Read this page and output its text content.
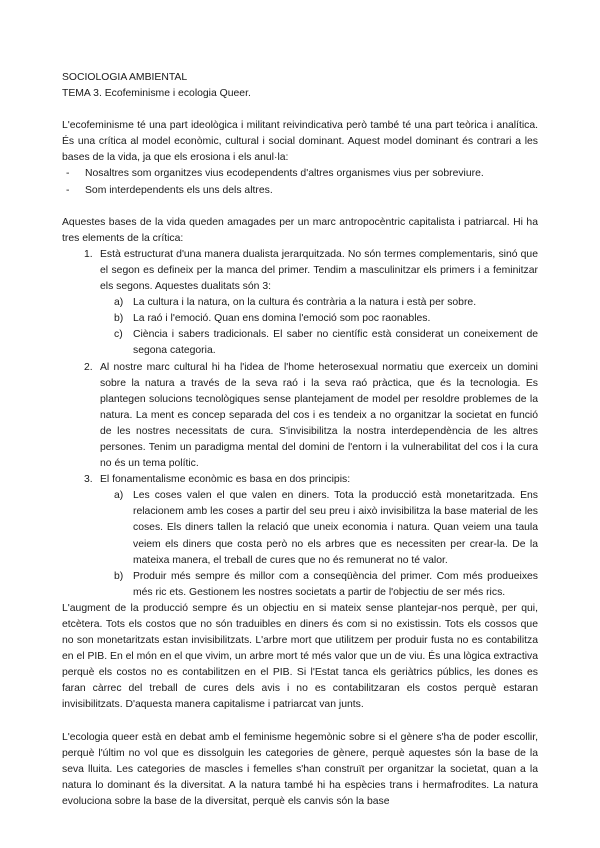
SOCIOLOGIA AMBIENTAL

TEMA 3. Ecofeminisme i ecologia Queer.

L'ecofeminisme té una part ideològica i militant reivindicativa però també té una part teòrica i analítica. És una crítica al model econòmic, cultural i social dominant. Aquest model dominant és contrari a les bases de la vida, ja que els erosiona i els anul·la:

- Nosaltres som organitzes vius ecodependents d'altres organismes vius per sobreviure.
- Som interdependents els uns dels altres.

Aquestes bases de la vida queden amagades per un marc antropocèntric capitalista i patriarcal. Hi ha tres elements de la crítica:

1. Està estructurat d'una manera dualista jerarquitzada. No són termes complementaris, sinó que el segon es defineix per la manca del primer. Tendim a masculinitzar els primers i a feminitzar els segons. Aquestes dualitats són 3:
a) La cultura i la natura, on la cultura és contrària a la natura i està per sobre.
b) La raó i l'emoció. Quan ens domina l'emoció som poc raonables.
c) Ciència i sabers tradicionals. El saber no científic està considerat un coneixement de segona categoria.
2. Al nostre marc cultural hi ha l'idea de l'home heterosexual normatiu que exerceix un domini sobre la natura a través de la seva raó i la seva raó pràctica, que és la tecnologia. Es plantegen solucions tecnològiques sense plantejament de model per resoldre problemes de la natura. La ment es concep separada del cos i es tendeix a no organitzar la societat en funció de les nostres necessitats de cura. S'invisibilitza la nostra interdependència de les altres persones. Tenim un paradigma mental del domini de l'entorn i la vulnerabilitat del cos i la cura no és un tema polític.
3. El fonamentalisme econòmic es basa en dos principis:
a) Les coses valen el que valen en diners. Tota la producció està monetaritzada. Ens relacionem amb les coses a partir del seu preu i això invisibilitza la base material de les coses. Els diners tallen la relació que uneix economia i natura. Quan veiem una taula veiem els diners que costa però no els arbres que es necessiten per crear-la. De la mateixa manera, el treball de cures que no és remunerat no té valor.
b) Produir més sempre és millor com a conseqüència del primer. Com més produeixes més ric ets. Gestionem les nostres societats a partir de l'objectiu de ser més rics.

L'augment de la producció sempre és un objectiu en si mateix sense plantejar-nos perquè, per qui, etcètera. Tots els costos que no són traduibles en diners és com si no existissin. Tots els cossos que no son monetaritzats estan invisibilitzats. L'arbre mort que utilitzem per produir fusta no es contabilitza en el PIB. En el món en el que vivim, un arbre mort té més valor que un de viu. És una lògica extractiva perquè els costos no es contabilitzen en el PIB. Si l'Estat tanca els geriàtrics públics, les dones es faran càrrec del treball de cures dels avis i no es contabilitzaran els costos perquè estaran invisibilitzats. D'aquesta manera capitalisme i patriarcat van junts.

L'ecologia queer està en debat amb el feminisme hegemònic sobre si el gènere s'ha de poder escollir, perquè l'últim no vol que es dissolguin les categories de gènere, perquè aquestes són la base de la seva lluita. Les categories de mascles i femelles s'han construït per organitzar la societat, quan a la natura lo dominant és la diversitat. A la natura també hi ha espècies trans i hermafrodites. La natura evoluciona sobre la base de la diversitat, perquè els canvis són la base
